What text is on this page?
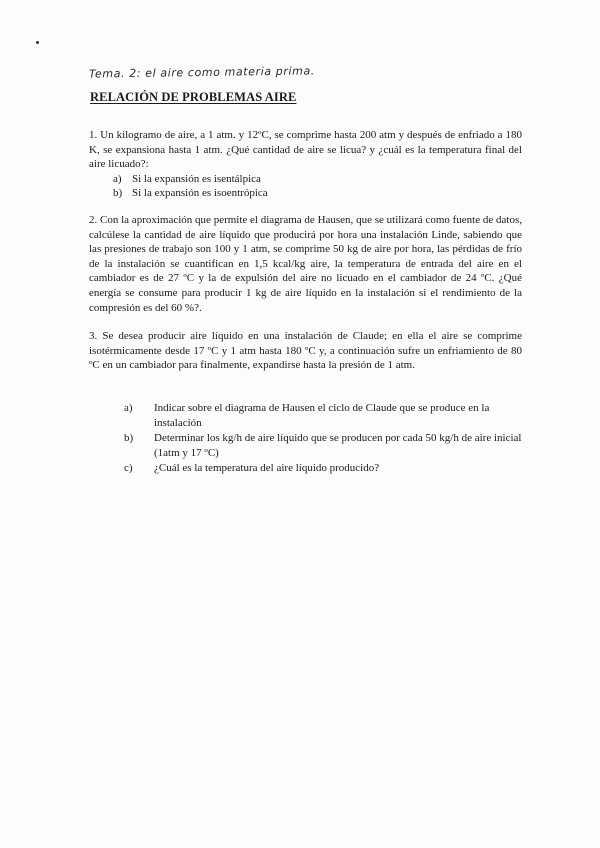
Tema. 2: el aire como materia prima.
RELACIÓN DE PROBLEMAS AIRE

1. Un kilogramo de aire, a 1 atm. y 12ºC, se comprime hasta 200 atm y después de enfriado a 180 K, se expansiona hasta 1 atm. ¿Qué cantidad de aire se licua? y ¿cuál es la temperatura final del aire licuado?:

a) Si la expansión es isentálpica
b) Si la expansión es isoentrópica

2. Con la aproximación que permite el diagrama de Hausen, que se utilizará como fuente de datos, calcúlese la cantidad de aire líquido que producirá por hora una instalación Linde, sabiendo que las presiones de trabajo son 100 y 1 atm, se comprime 50 kg de aire por hora, las pérdidas de frío de la instalación se cuantifican en 1,5 kcal/kg aire, la temperatura de entrada del aire en el cambiador es de 27 ºC y la de expulsión del aire no licuado en el cambiador de 24 ºC. ¿Qué energía se consume para producir 1 kg de aire líquido en la instalación si el rendimiento de la compresión es del 60 %?.

3. Se desea producir aire líquido en una instalación de Claude; en ella el aire se comprime isotérmicamente desde 17 ºC y 1 atm hasta 180 ºC y, a continuación sufre un enfriamiento de 80 ºC en un cambiador para finalmente, expandirse hasta la presión de 1 atm.

a)	Indicar sobre el diagrama de Hausen el ciclo de Claude que se produce en la instalación
b)	Determinar los kg/h de aire líquido que se producen por cada 50 kg/h de aire inicial (1atm y 17 ºC)
c)	¿Cuál es la temperatura del aire líquido producido?
